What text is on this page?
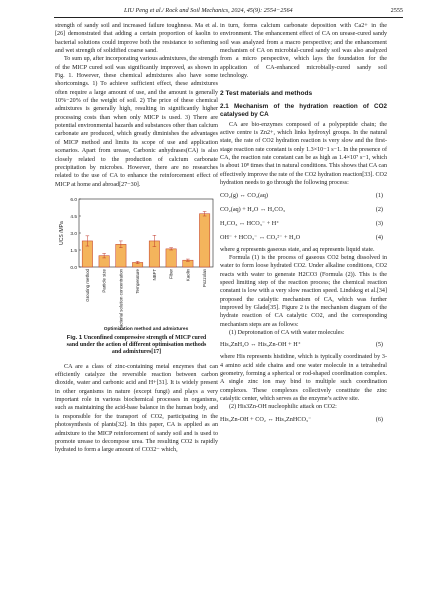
LIU Peng et al./ Rock and Soil Mechanics, 2024, 45(9): 2554−2564	2555

strength of sandy soil and increased failure toughness. Ma et al.[26] demonstrated that adding a certain proportion of kaolin to bacterial solutions could improve both the resistance to softening and wet strength of solidified coarse sand.

To sum up, after incorporating various admixtures, the strength of the MICP cured soil was significantly improved, as shown in Fig. 1. However, these chemical admixtures also have some shortcomings. 1) To achieve sufficient effect, these admixtures often require a large amount of use, and the amount is generally 10%−20% of the weight of soil. 2) The price of these chemical admixtures is generally high, resulting in significantly higher processing costs than when only MICP is used. 3) There are potential environmental hazards and substances other than calcium carbonate are produced, which greatly diminishes the advantages of MICP method and limits its scope of use and application scenarios. Apart from urease, Carbonic anhydrases(CA) is also closely related to the production of calcium carbonate precipitation by microbes. However, there are no researches related to the use of CA to enhance the reinforcement effect of MICP at home and abroad[27−30].

0.0
1.5
3.0
4.5
6.0
UCS /MPa
Grouting method	Particle size	Bacterial solution concentration	Temperature	NBFT	Fiber	Kaolin	Pozzolan
Optimization method and admixtures
Fig. 1 Unconfined compressive strength of MICP cured sand under the action of different optimisation methods and admixtures[17]

CA are a class of zinc-containing metal enzymes that can efficiently catalyze the reversible reaction between carbon dioxide, water and carbonic acid and H+[31]. It is widely present in other organisms in nature (except fungi) and plays a very important role in various biochemical processes in organisms, such as maintaining the acid-base balance in the human body, and is responsible for the transport of CO2, participating in the photosynthesis of plants[32]. In this paper, CA is applied as an admixture to the MICP reinforcement of sandy soil and is used to promote urease to decompose urea. The resulting CO2 is rapidly hydrated to form a large amount of CO32− which,

in turn, forms calcium carbonate deposition with Ca2+ in the environment. The enhancement effect of CA on urease-cured sandy soil was analyzed from a macro perspective; and the enhancement mechanism of CA on microbial-cured sandy soil was also analyzed from a micro perspective, which lays the foundation for the application of CA-enhanced microbially-cured sandy soil technology.

2 Test materials and methods
2.1 Mechanism of the hydration reaction of CO2 catalysed by CA

CA are bio-enzymes composed of a polypeptide chain; the active centre is Zn2+, which links hydroxyl groups. In the natural state, the rate of CO2 hydration reaction is very slow and the first-stage reaction rate constant is only 1.3×10−1 s−1. In the presence of CA, the reaction rate constant can be as high as 1.4×10⁷ s−1, which is about 10⁸ times that in natural conditions. This shows that CA can effectively improve the rate of the CO2 hydration reaction[33]. CO2 hydration needs to go through the following process:

CO₂(g) ↔ CO₂(aq)	(1)
CO₂(aq) + H₂O ↔ H₂CO₃	(2)
H₂CO₃ ↔ HCO₃⁻ + H⁺	(3)
OH⁻ + HCO₃⁻ ↔ CO₃²⁻ + H₂O	(4)

where g represents gaseous state, and aq represents liquid state.

Formula (1) is the process of gaseous CO2 being dissolved in water to form loose hydrated CO2. Under alkaline conditions, CO2 reacts with water to generate H2CO3 (Formula (2)). This is the speed limiting step of the reaction process; the chemical reaction constant is low with a very slow reaction speed. Lindskog et al.[34] proposed the catalytic mechanism of CA, which was further improved by Glade[35]. Figure 2 is the mechanism diagram of the hydrate reaction of CA catalytic CO2, and the corresponding mechanism steps are as follows:

(1) Deprotonation of CA with water molecules:

His₃ZnH₂O ↔ His₃Zn-OH + H⁺	(5)

where His represents histidine, which is typically coordinated by 3-4 amino acid side chains and one water molecule in a tetrahedral geometry, forming a spherical or rod-shaped coordination complex. A single zinc ion may bind to multiple such coordination complexes. These complexes collectively constitute the zinc catalytic center, which serves as the enzyme’s active site.

(2) His3Zn-OH nucleophilic attack on CO2:

His₃Zn-OH + CO₂ ↔ His₃ZnHCO₃⁻	(6)
